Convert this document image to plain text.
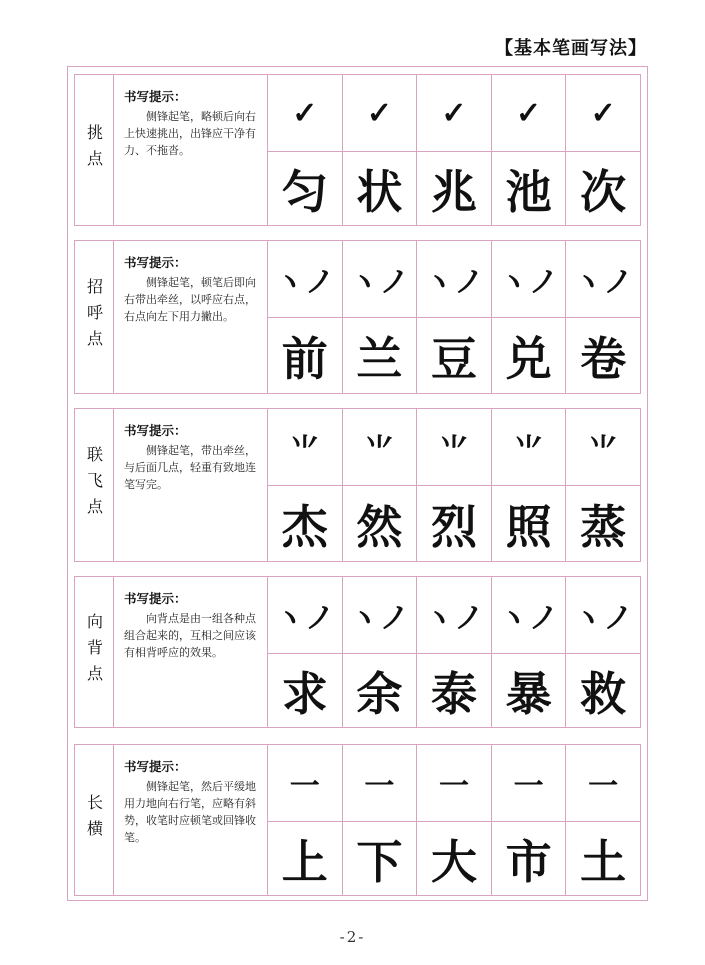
【基本笔画写法】
挑点
书写提示：
侧锋起笔，略顿后向右上快速挑出，出锋应干净有力、不拖沓。
✓	✓	✓	✓	✓
匀 状 兆 池 次
招呼点
书写提示：
侧锋起笔，顿笔后即向右带出牵丝，以呼应右点，右点向左下用力撇出。
ヽノ ヽノ ヽノ ヽノ ヽノ
前 兰 豆 兑 卷
联飞点
书写提示：
侧锋起笔，带出牵丝，与后面几点，轻重有致地连笔写完。
⺌	⺌	⺌	⺌	⺌
杰 然 烈 照 蒸
向背点
书写提示：
向背点是由一组各种点组合起来的，互相之间应该有相背呼应的效果。
ヽノ ヽノ ヽノ ヽノ ヽノ
求 余 泰 暴 救
长横
书写提示：
侧锋起笔，然后平缓地用力地向右行笔，应略有斜势，收笔时应顿笔或回锋收笔。
一	一	一	一	一
上 下 大 市 土
-2-
